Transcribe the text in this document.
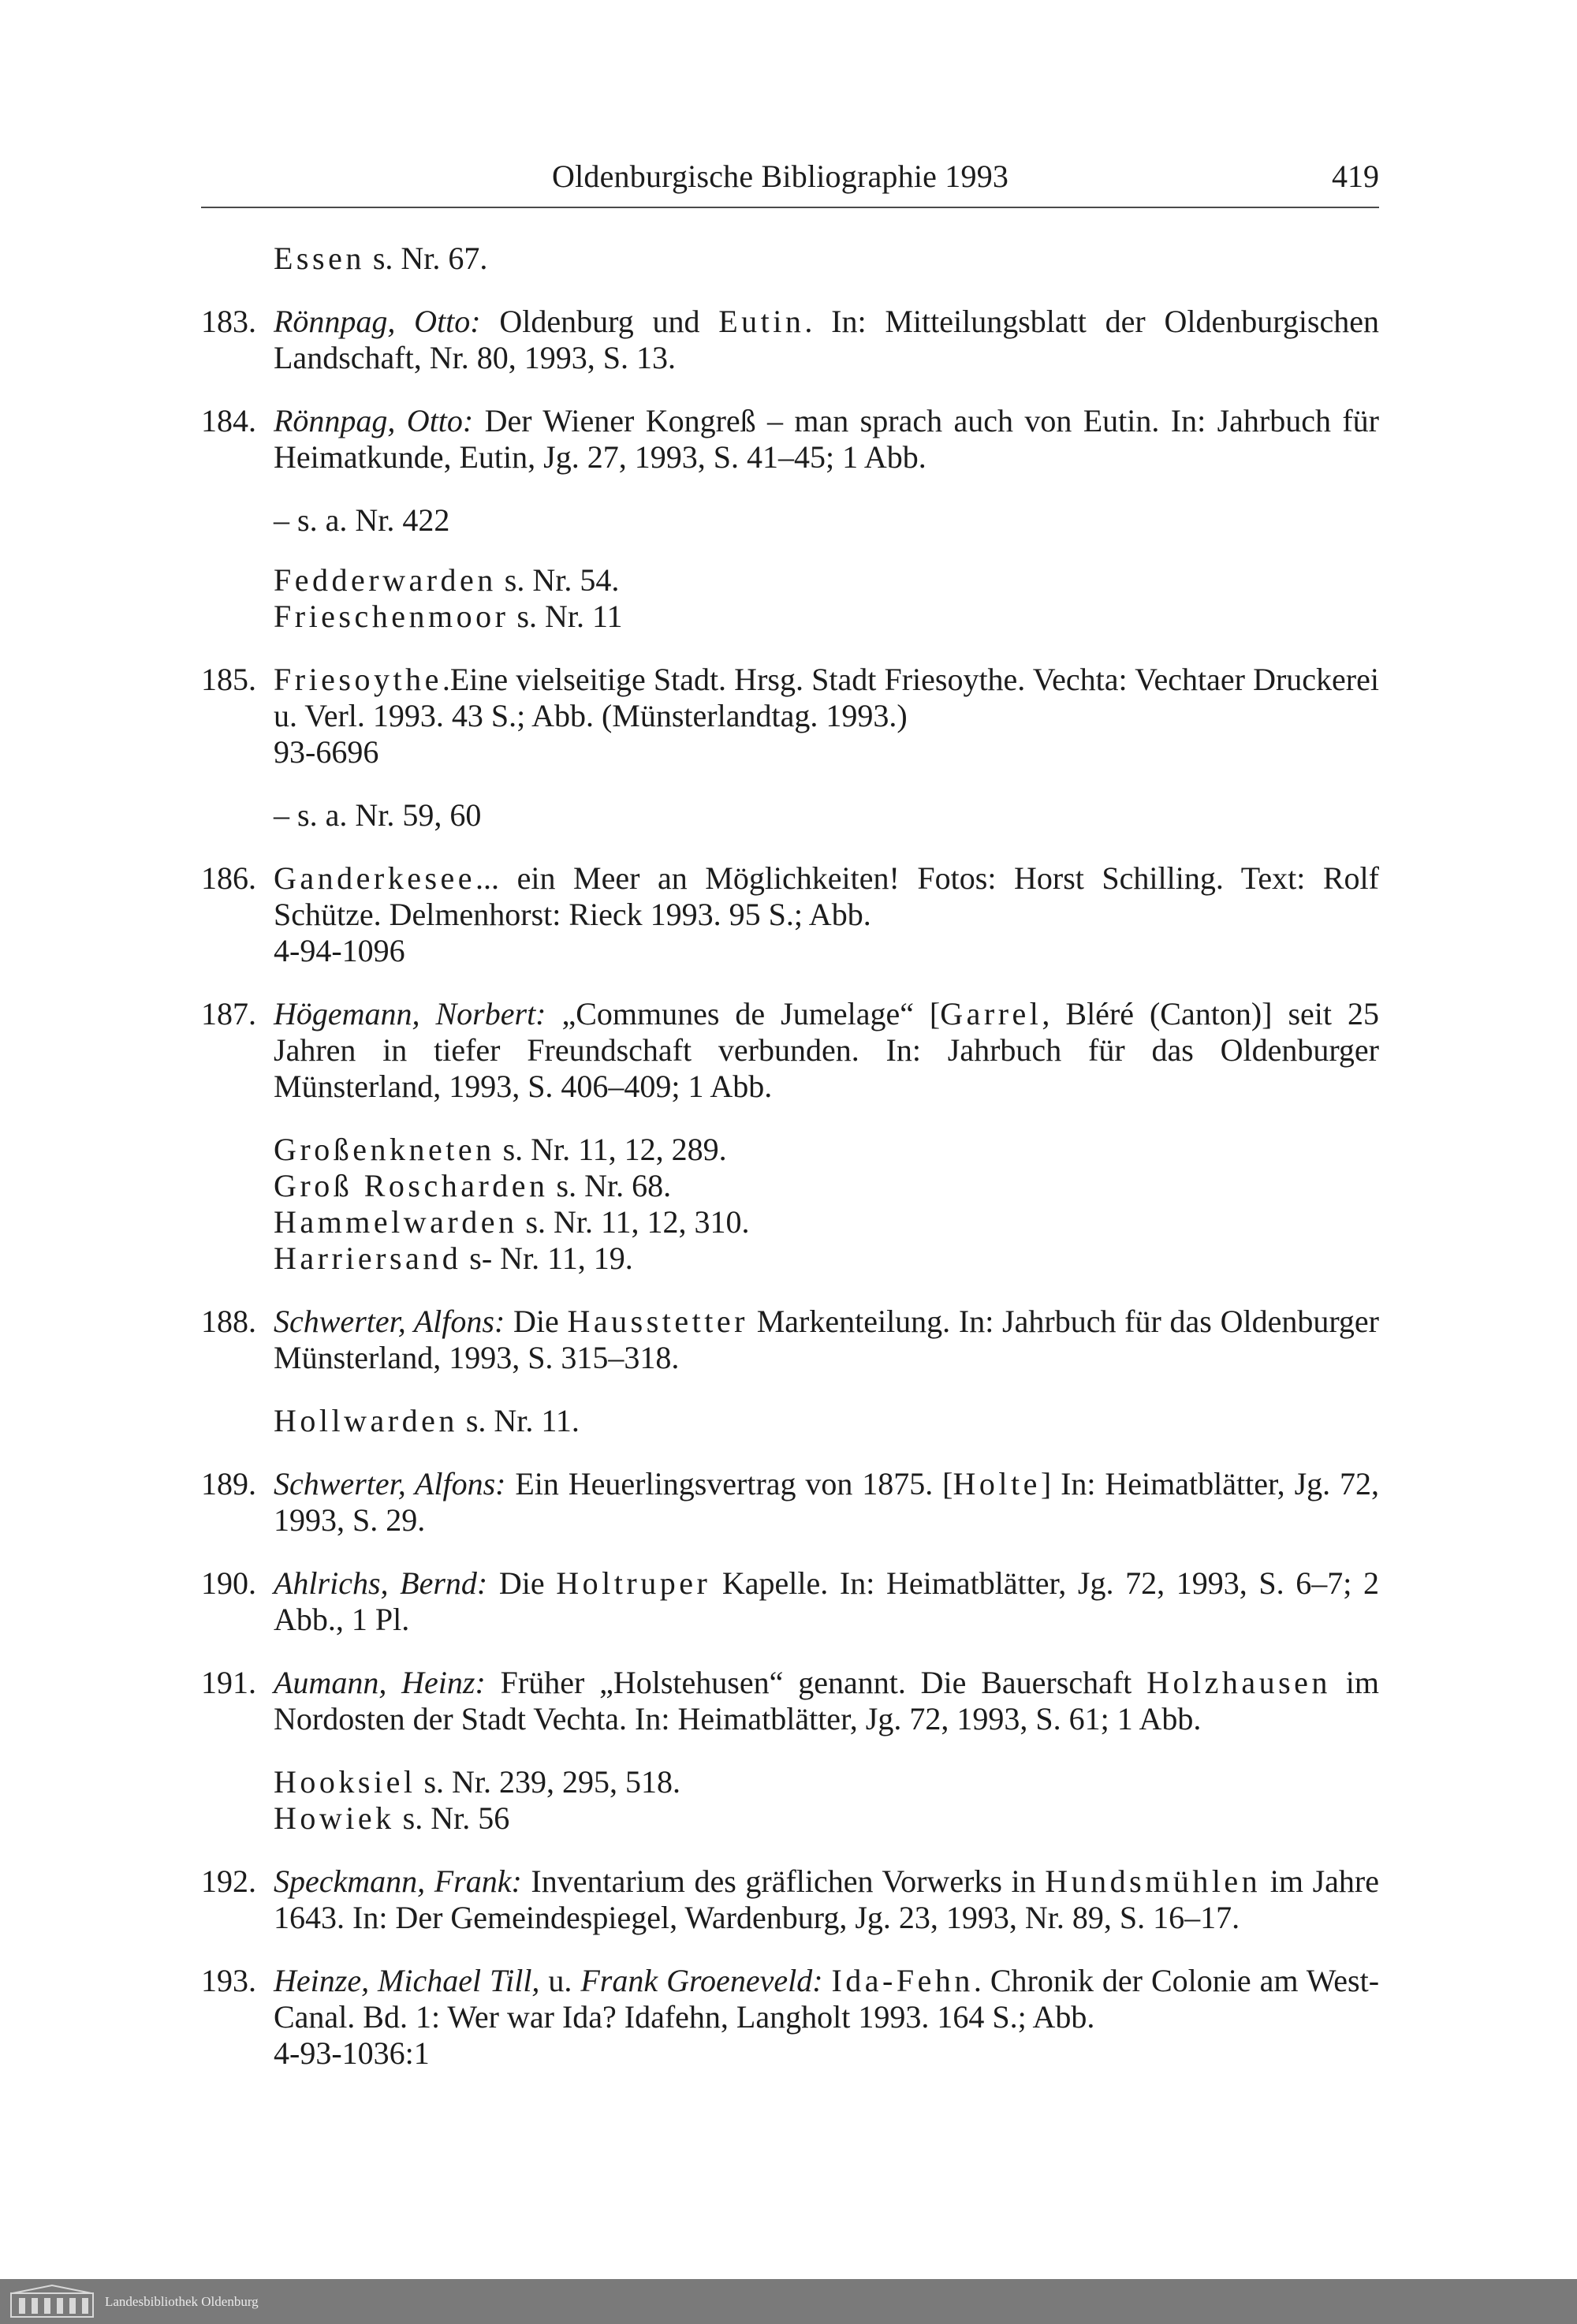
Oldenburgische Bibliographie 1993	419
Essen s. Nr. 67.
183. Rönnpag, Otto: Oldenburg und Eutin. In: Mitteilungsblatt der Oldenburgischen Landschaft, Nr. 80, 1993, S. 13.
184. Rönnpag, Otto: Der Wiener Kongreß – man sprach auch von Eutin. In: Jahrbuch für Heimatkunde, Eutin, Jg. 27, 1993, S. 41–45; 1 Abb.
– s. a. Nr. 422
Fedderwarden s. Nr. 54.
Frieschenmoor s. Nr. 11
185. Friesoythe.Eine vielseitige Stadt. Hrsg. Stadt Friesoythe. Vechta: Vechtaer Druckerei u. Verl. 1993. 43 S.; Abb. (Münsterlandtag. 1993.)
93-6696
– s. a. Nr. 59, 60
186. Ganderkesee... ein Meer an Möglichkeiten! Fotos: Horst Schilling. Text: Rolf Schütze. Delmenhorst: Rieck 1993. 95 S.; Abb.
4-94-1096
187. Högemann, Norbert: „Communes de Jumelage“ [Garrel, Bléré (Canton)] seit 25 Jahren in tiefer Freundschaft verbunden. In: Jahrbuch für das Oldenburger Münsterland, 1993, S. 406–409; 1 Abb.
Großenkneten s. Nr. 11, 12, 289.
Groß Roscharden s. Nr. 68.
Hammelwarden s. Nr. 11, 12, 310.
Harriersand s- Nr. 11, 19.
188. Schwerter, Alfons: Die Hausstetter Markenteilung. In: Jahrbuch für das Oldenburger Münsterland, 1993, S. 315–318.
Hollwarden s. Nr. 11.
189. Schwerter, Alfons: Ein Heuerlingsvertrag von 1875. [Holte] In: Heimatblätter, Jg. 72, 1993, S. 29.
190. Ahlrichs, Bernd: Die Holtruper Kapelle. In: Heimatblätter, Jg. 72, 1993, S. 6–7; 2 Abb., 1 Pl.
191. Aumann, Heinz: Früher „Holstehusen“ genannt. Die Bauerschaft Holzhausen im Nordosten der Stadt Vechta. In: Heimatblätter, Jg. 72, 1993, S. 61; 1 Abb.
Hooksiel s. Nr. 239, 295, 518.
Howiek s. Nr. 56
192. Speckmann, Frank: Inventarium des gräflichen Vorwerks in Hundsmühlen im Jahre 1643. In: Der Gemeindespiegel, Wardenburg, Jg. 23, 1993, Nr. 89, S. 16–17.
193. Heinze, Michael Till, u. Frank Groeneveld: Ida-Fehn. Chronik der Colonie am West-Canal. Bd. 1: Wer war Ida? Idafehn, Langholt 1993. 164 S.; Abb.
4-93-1036:1
Landesbibliothek Oldenburg
